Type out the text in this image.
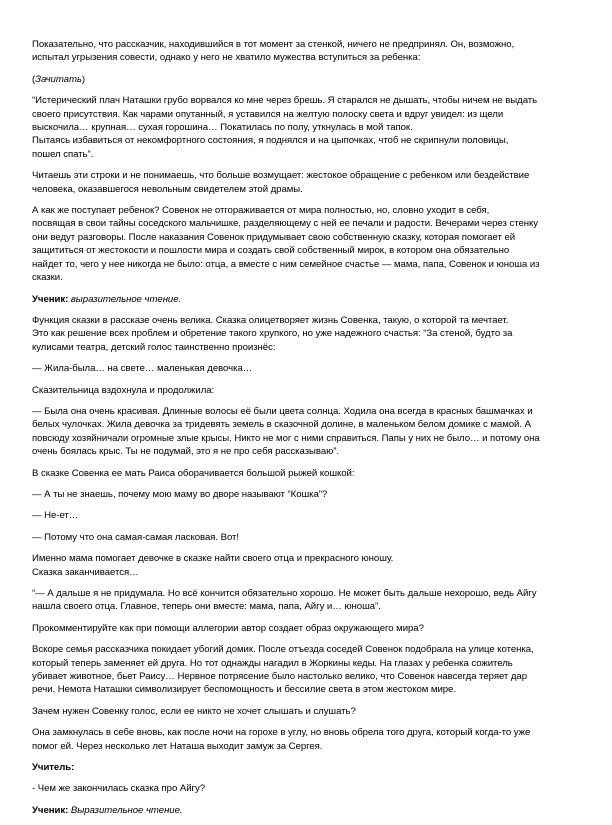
Показательно, что рассказчик, находившийся в тот момент за стенкой, ничего не предпринял. Он, возможно,
испытал угрызения совести, однако у него не хватило мужества вступиться за ребенка:

(Зачитать)

“Истерический плач Наташки грубо ворвался ко мне через брешь. Я старался не дышать, чтобы ничем не выдать
своего присутствия. Как чарами опутанный, я уставился на желтую полоску света и вдруг увидел: из щели
выскочила… крупная… сухая горошина… Покатилась по полу, уткнулась в мой тапок.
Пытаясь избавиться от некомфортного состояния, я поднялся и на цыпочках, чтоб не скрипнули половицы,
пошел спать”.

Читаешь эти строки и не понимаешь, что больше возмущает: жестокое обращение с ребенком или бездействие
человека, оказавшегося невольным свидетелем этой драмы.

А как же поступает ребенок? Совенок не отгораживается от мира полностью, но, словно уходит в себя,
посвящая в свои тайны соседского мальчишке, разделяющему с ней ее печали и радости. Вечерами через стенку
они ведут разговоры. После наказания Совенок придумывает свою собственную сказку, которая помогает ей
защититься от жестокости и пошлости мира и создать свой собственный мирок, в котором она обязательно
найдет то, чего у нее никогда не было: отца, а вместе с ним семейное счастье — мама, папа, Совенок и юноша из
сказки.

Ученик: выразительное чтение.

Функция сказки в рассказе очень велика. Сказка олицетворяет жизнь Совенка, такую, о которой та мечтает.
Это как решение всех проблем и обретение такого хрупкого, но уже надежного счастья: “За стеной, будто за
кулисами театра, детский голос таинственно произнёс:

— Жила-была… на свете… маленькая девочка…

Сказительница вздохнула и продолжила:

— Была она очень красивая. Длинные волосы её были цвета солнца. Ходила она всегда в красных башмачках и
белых чулочках. Жила девочка за тридевять земель в сказочной долине, в маленьком белом домике с мамой. А
повсюду хозяйничали огромные злые крысы. Никто не мог с ними справиться. Папы у них не было… и потому она
очень боялась крыс. Ты не подумай, это я не про себя рассказываю”.

В сказке Совенка ее мать Раиса оборачивается большой рыжей кошкой:

— А ты не знаешь, почему мою маму во дворе называют “Кошка”?

— Не-ет…

— Потому что она самая-самая ласковая. Вот!

Именно мама помогает девочке в сказке найти своего отца и прекрасного юношу.
Сказка заканчивается…

“— А дальше я не придумала. Но всё кончится обязательно хорошо. Не может быть дальше нехорошо, ведь Айгу
нашла своего отца. Главное, теперь они вместе: мама, папа, Айгу и… юноша”.

Прокомментируйте как при помощи аллегории автор создает образ окружающего мира?

Вскоре семья рассказчика покидает убогий домик. После отъезда соседей Совенок подобрала на улице котенка,
который теперь заменяет ей друга. Но тот однажды нагадил в Жоркины кеды. На глазах у ребенка сожитель
убивает животное, бьет Раису… Нервное потрясение было настолько велико, что Совенок навсегда теряет дар
речи. Немота Наташки символизирует беспомощность и бессилие света в этом жестоком мире.

Зачем нужен Совенку голос, если ее никто не хочет слышать и слушать?

Она замкнулась в себе вновь, как после ночи на горохе в углу, но вновь обрела того друга, который когда-то уже
помог ей. Через несколько лет Наташа выходит замуж за Сергея.

Учитель:

- Чем же закончилась сказка про Айгу?

Ученик: Выразительное чтение.
